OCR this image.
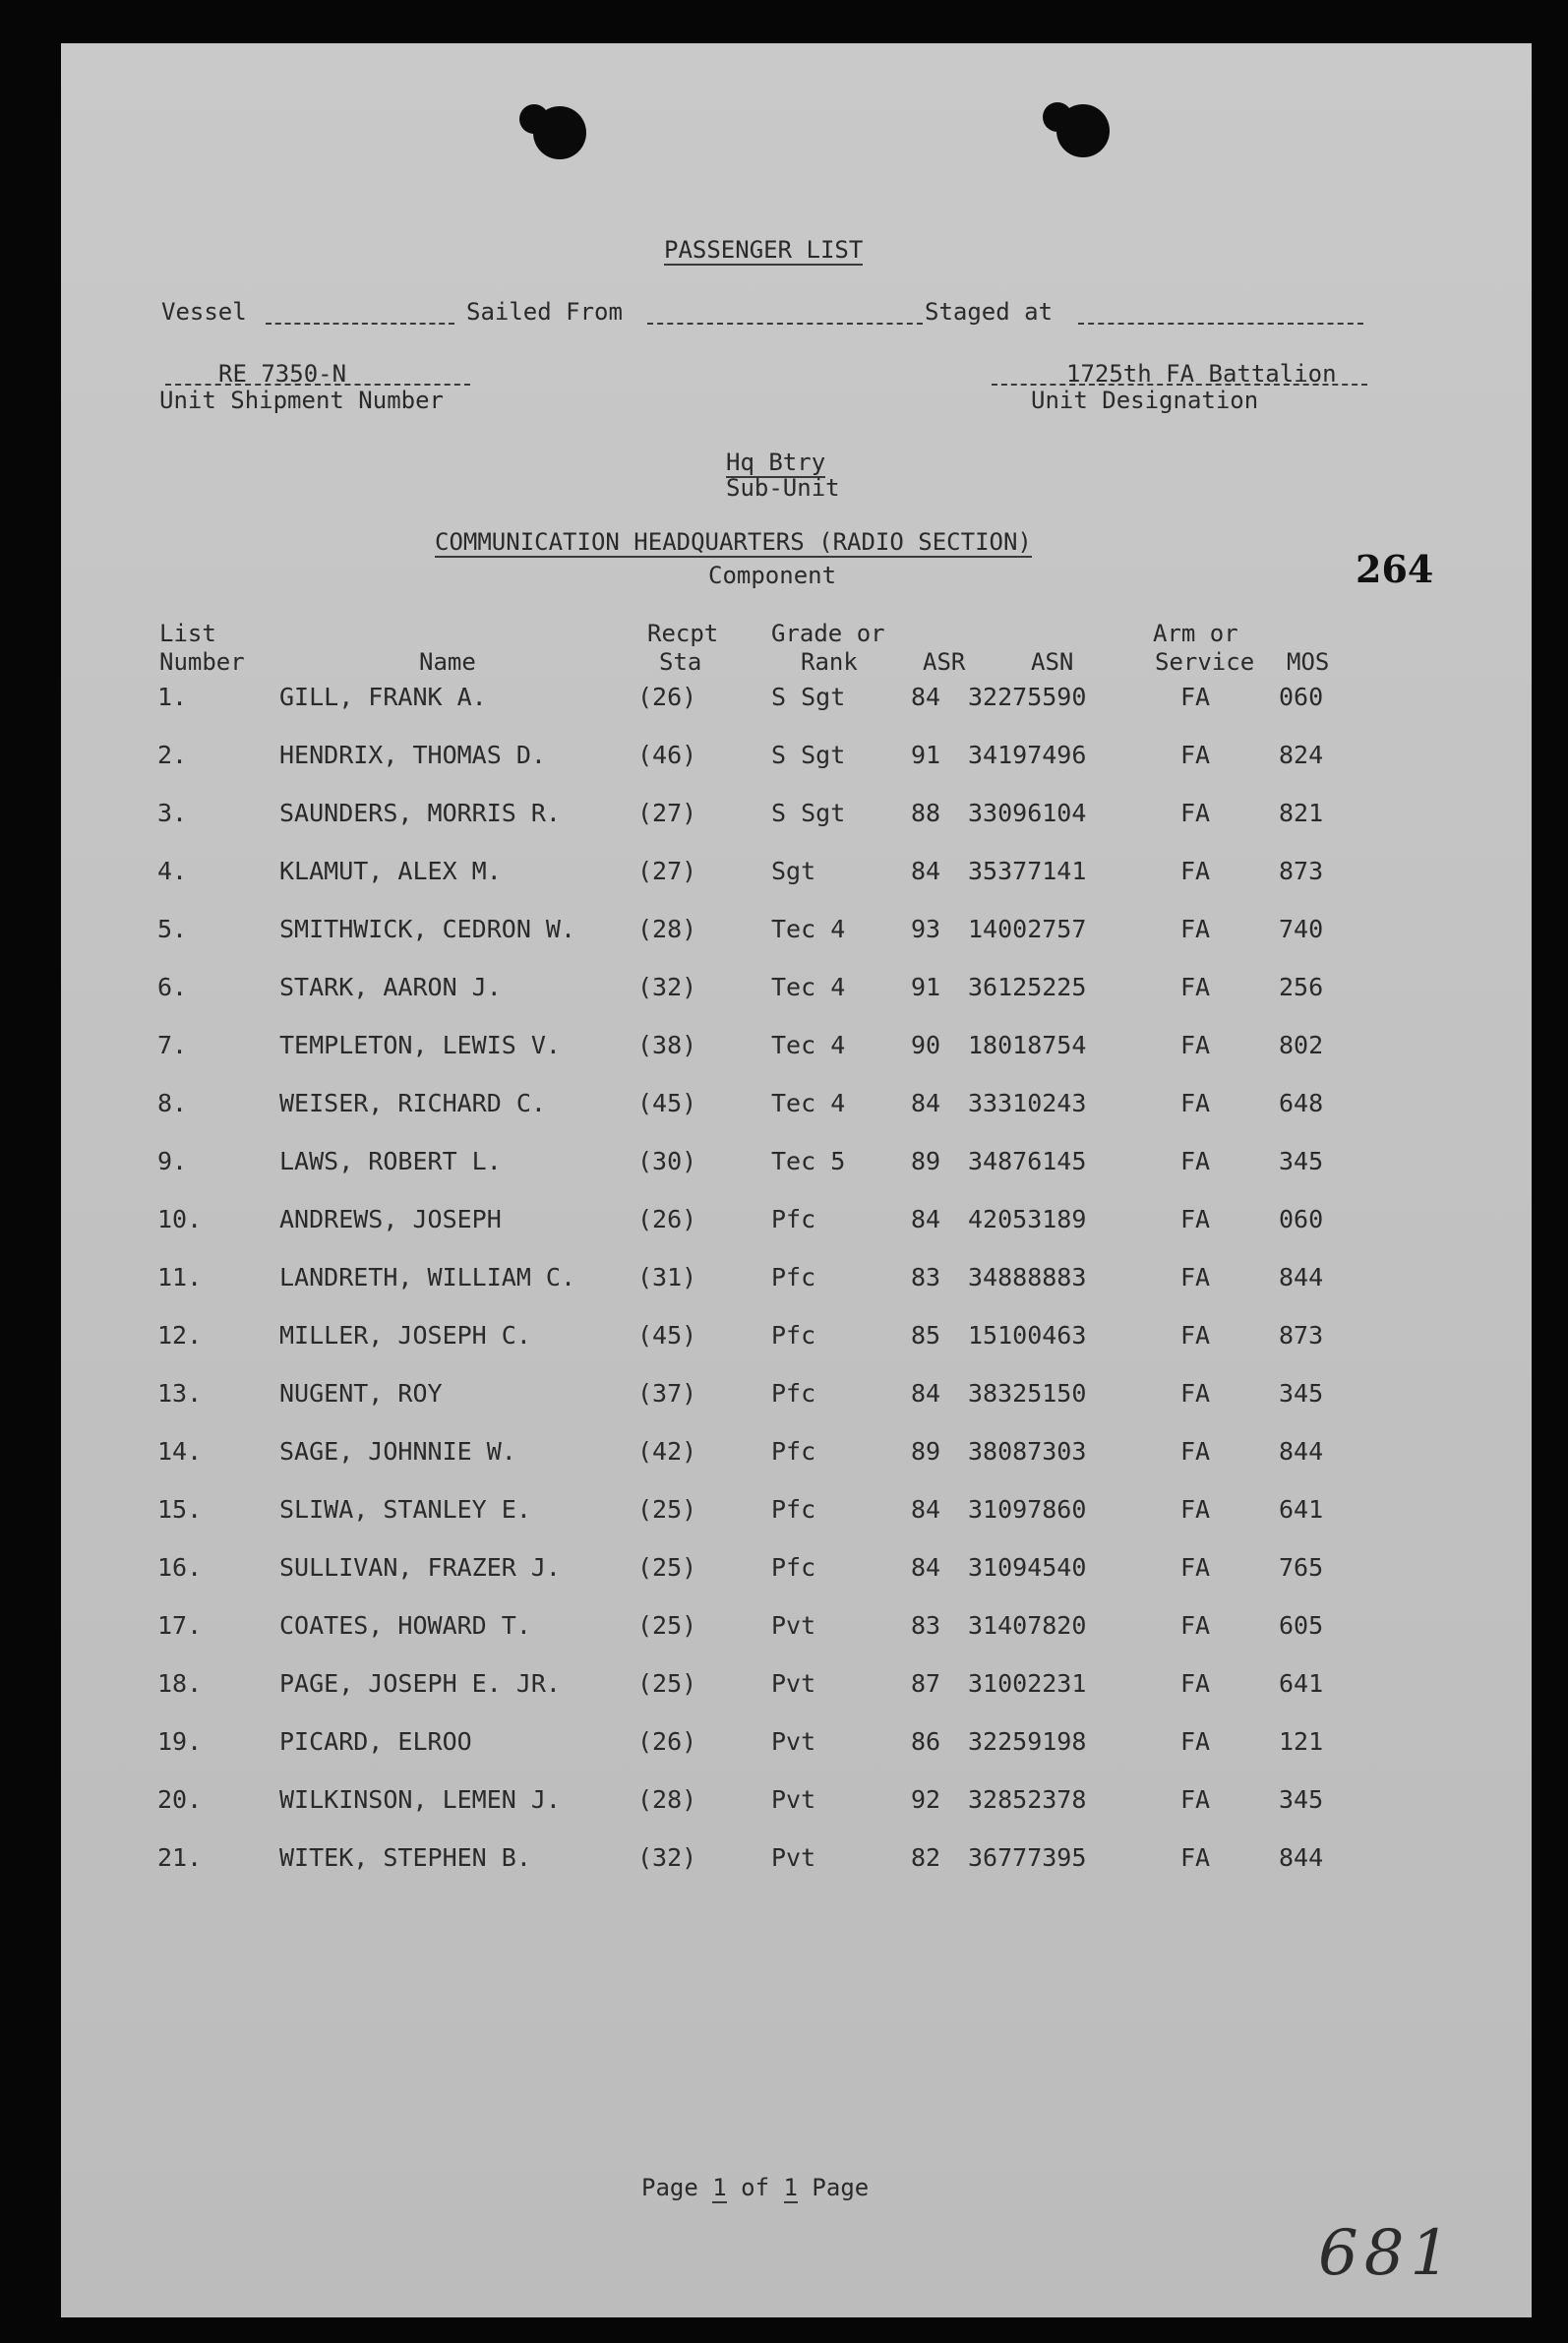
PASSENGER LIST
Vessel	Sailed From	Staged at
RE 7350-N
Unit Shipment Number
1725th FA Battalion
Unit Designation
Hq Btry
Sub-Unit
COMMUNICATION HEADQUARTERS (RADIO SECTION)
Component	264
List
Number	Name
Recpt
Sta
Grade or
Rank	ASR	ASN
Arm or
Service MOS
1.	GILL, FRANK A.	(26)	S Sgt	84 32275590	FA	060
2.	HENDRIX, THOMAS D.	(46)	S Sgt	91 34197496	FA	824
3.	SAUNDERS, MORRIS R.	(27)	S Sgt	88 33096104	FA	821
4.	KLAMUT, ALEX M.	(27)	Sgt	84 35377141	FA	873
5.	SMITHWICK, CEDRON W.	(28)	Tec 4	93 14002757	FA	740
6.	STARK, AARON J.	(32)	Tec 4	91 36125225	FA	256
7.	TEMPLETON, LEWIS V.	(38)	Tec 4	90 18018754	FA	802
8.	WEISER, RICHARD C.	(45)	Tec 4	84 33310243	FA	648
9.	LAWS, ROBERT L.	(30)	Tec 5	89 34876145	FA	345
10.	ANDREWS, JOSEPH	(26)	Pfc	84 42053189	FA	060
11.	LANDRETH, WILLIAM C.	(31)	Pfc	83 34888883	FA	844
12.	MILLER, JOSEPH C.	(45)	Pfc	85 15100463	FA	873
13.	NUGENT, ROY	(37)	Pfc	84 38325150	FA	345
14.	SAGE, JOHNNIE W.	(42)	Pfc	89 38087303	FA	844
15.	SLIWA, STANLEY E.	(25)	Pfc	84 31097860	FA	641
16.	SULLIVAN, FRAZER J.	(25)	Pfc	84 31094540	FA	765
17.	COATES, HOWARD T.	(25)	Pvt	83 31407820	FA	605
18.	PAGE, JOSEPH E. JR.	(25)	Pvt	87 31002231	FA	641
19.	PICARD, ELROO	(26)	Pvt	86 32259198	FA	121
20.	WILKINSON, LEMEN J.	(28)	Pvt	92 32852378	FA	345
21.	WITEK, STEPHEN B.	(32)	Pvt	82 36777395	FA	844
Page 1 of 1 Page
681
